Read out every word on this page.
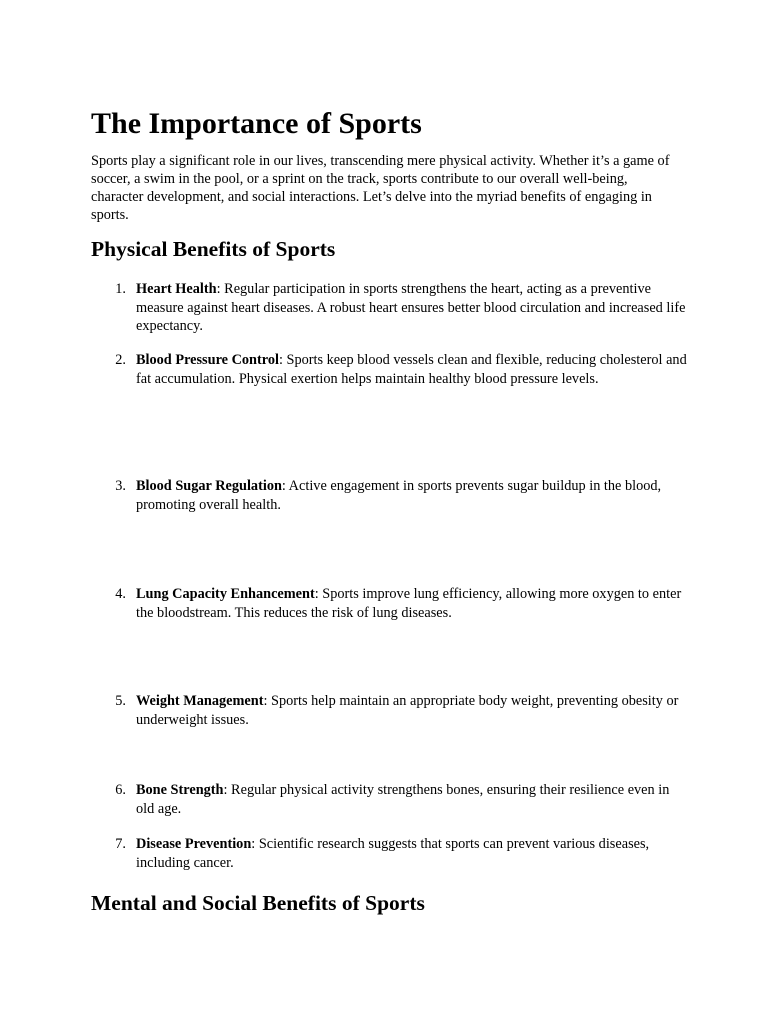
The Importance of Sports

Sports play a significant role in our lives, transcending mere physical activity. Whether it’s a game of soccer, a swim in the pool, or a sprint on the track, sports contribute to our overall well-being, character development, and social interactions. Let’s delve into the myriad benefits of engaging in sports.

Physical Benefits of Sports
1. Heart Health: Regular participation in sports strengthens the heart, acting as a preventive measure against heart diseases. A robust heart ensures better blood circulation and increased life expectancy.
2. Blood Pressure Control: Sports keep blood vessels clean and flexible, reducing cholesterol and fat accumulation. Physical exertion helps maintain healthy blood pressure levels.
3. Blood Sugar Regulation: Active engagement in sports prevents sugar buildup in the blood, promoting overall health.
4. Lung Capacity Enhancement: Sports improve lung efficiency, allowing more oxygen to enter the bloodstream. This reduces the risk of lung diseases.
5. Weight Management: Sports help maintain an appropriate body weight, preventing obesity or underweight issues.
6. Bone Strength: Regular physical activity strengthens bones, ensuring their resilience even in old age.
7. Disease Prevention: Scientific research suggests that sports can prevent various diseases, including cancer.
Mental and Social Benefits of Sports
